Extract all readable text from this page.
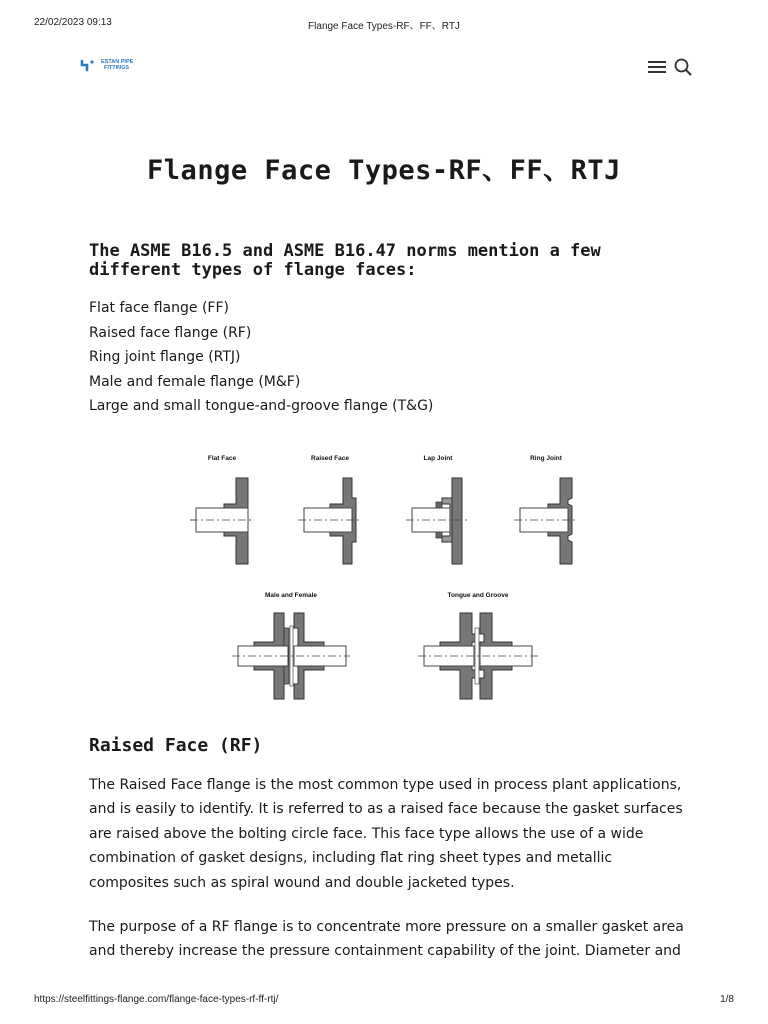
22/02/2023 09:13	Flange Face Types-RF、FF、RTJ
ESTAN PIPE
FITTINGS
Flange Face Types-RF、FF、RTJ
The ASME B16.5 and ASME B16.47 norms mention a few different types of flange faces:
Flat face flange (FF)
Raised face flange (RF)
Ring joint flange (RTJ)
Male and female flange (M&F)
Large and small tongue-and-groove flange (T&G)
Flat Face	Raised Face	Lap Joint	Ring Joint
Male and Female	Tongue and Groove
Raised Face (RF)

The Raised Face flange is the most common type used in process plant applications, and is easily to identify. It is referred to as a raised face because the gasket surfaces are raised above the bolting circle face. This face type allows the use of a wide combination of gasket designs, including flat ring sheet types and metallic composites such as spiral wound and double jacketed types.

The purpose of a RF flange is to concentrate more pressure on a smaller gasket area and thereby increase the pressure containment capability of the joint. Diameter and

https://steelfittings-flange.com/flange-face-types-rf-ff-rtj/	1/8
